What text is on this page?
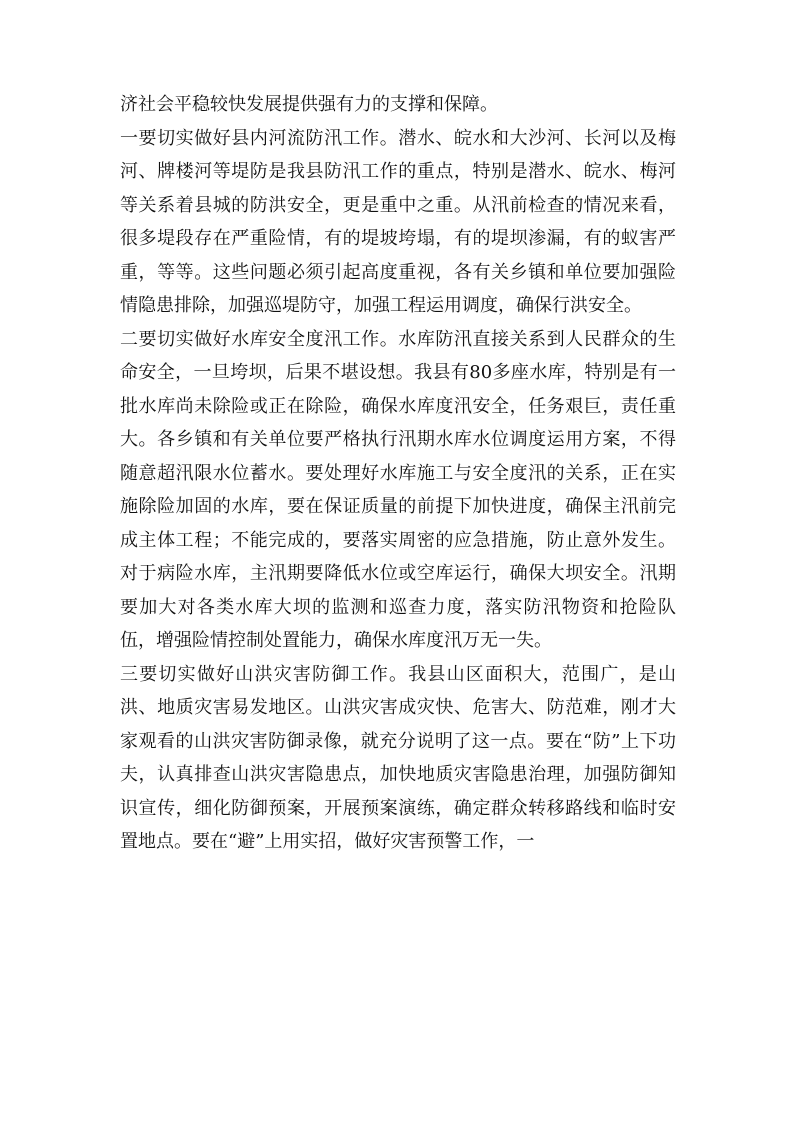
济社会平稳较快发展提供强有力的支撑和保障。

一要切实做好县内河流防汛工作。潜水、皖水和大沙河、长河以及梅河、牌楼河等堤防是我县防汛工作的重点，特别是潜水、皖水、梅河等关系着县城的防洪安全，更是重中之重。从汛前检查的情况来看，很多堤段存在严重险情，有的堤坡垮塌，有的堤坝渗漏，有的蚁害严重，等等。这些问题必须引起高度重视，各有关乡镇和单位要加强险情隐患排除，加强巡堤防守，加强工程运用调度，确保行洪安全。

二要切实做好水库安全度汛工作。水库防汛直接关系到人民群众的生命安全，一旦垮坝，后果不堪设想。我县有80多座水库，特别是有一批水库尚未除险或正在除险，确保水库度汛安全，任务艰巨，责任重大。各乡镇和有关单位要严格执行汛期水库水位调度运用方案，不得随意超汛限水位蓄水。要处理好水库施工与安全度汛的关系，正在实施除险加固的水库，要在保证质量的前提下加快进度，确保主汛前完成主体工程；不能完成的，要落实周密的应急措施，防止意外发生。对于病险水库，主汛期要降低水位或空库运行，确保大坝安全。汛期要加大对各类水库大坝的监测和巡查力度，落实防汛物资和抢险队伍，增强险情控制处置能力，确保水库度汛万无一失。

三要切实做好山洪灾害防御工作。我县山区面积大，范围广，是山洪、地质灾害易发地区。山洪灾害成灾快、危害大、防范难，刚才大家观看的山洪灾害防御录像，就充分说明了这一点。要在“防”上下功夫，认真排查山洪灾害隐患点，加快地质灾害隐患治理，加强防御知识宣传，细化防御预案，开展预案演练，确定群众转移路线和临时安置地点。要在“避”上用实招，做好灾害预警工作，一
